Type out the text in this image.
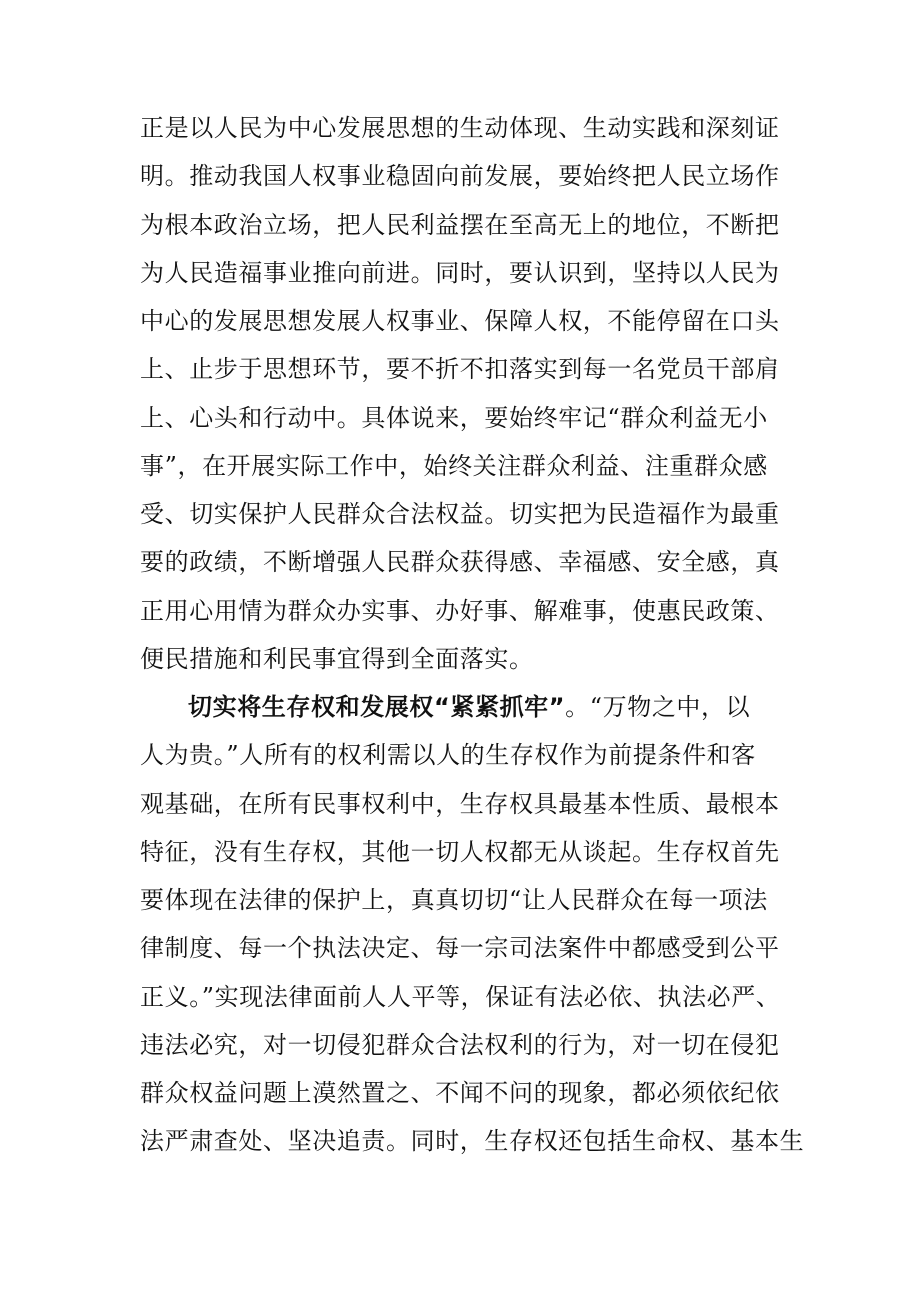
正是以人民为中心发展思想的生动体现、生动实践和深刻证
明。推动我国人权事业稳固向前发展，要始终把人民立场作
为根本政治立场，把人民利益摆在至高无上的地位，不断把
为人民造福事业推向前进。同时，要认识到，坚持以人民为
中心的发展思想发展人权事业、保障人权，不能停留在口头
上、止步于思想环节，要不折不扣落实到每一名党员干部肩
上、心头和行动中。具体说来，要始终牢记“群众利益无小
事”，在开展实际工作中，始终关注群众利益、注重群众感
受、切实保护人民群众合法权益。切实把为民造福作为最重
要的政绩，不断增强人民群众获得感、幸福感、安全感，真
正用心用情为群众办实事、办好事、解难事，使惠民政策、
便民措施和利民事宜得到全面落实。
切实将生存权和发展权“紧紧抓牢”。“万物之中，以
人为贵。”人所有的权利需以人的生存权作为前提条件和客
观基础，在所有民事权利中，生存权具最基本性质、最根本
特征，没有生存权，其他一切人权都无从谈起。生存权首先
要体现在法律的保护上，真真切切“让人民群众在每一项法
律制度、每一个执法决定、每一宗司法案件中都感受到公平
正义。”实现法律面前人人平等，保证有法必依、执法必严、
违法必究，对一切侵犯群众合法权利的行为，对一切在侵犯
群众权益问题上漠然置之、不闻不问的现象，都必须依纪依
法严肃查处、坚决追责。同时，生存权还包括生命权、基本生
